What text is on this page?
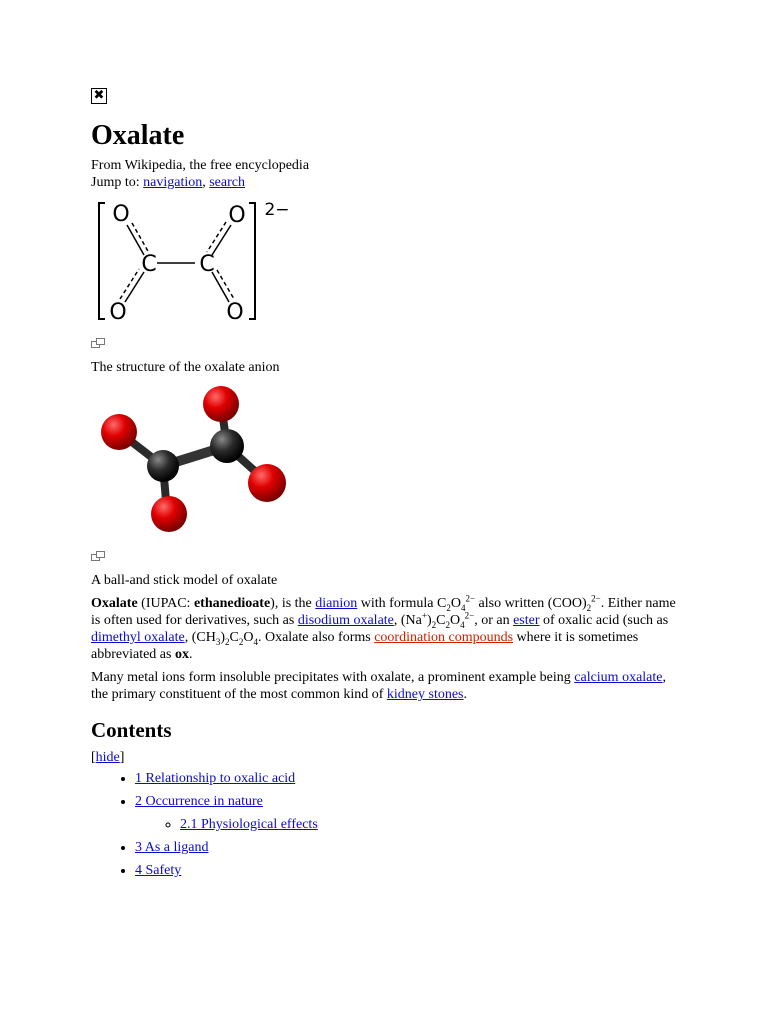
✖
Oxalate
From Wikipedia, the free encyclopedia
Jump to: navigation, search
O	O
C C
O	O
2−
The structure of the oxalate anion
A ball-and stick model of oxalate

Oxalate (IUPAC: ethanedioate), is the dianion with formula $C_2O_4^{2-}$ also written $(COO)_2^{2-}$. Either name is often used for derivatives, such as disodium oxalate, $(Na^+)_2C_2O_4^{2-}$, or an ester of oxalic acid (such as dimethyl oxalate, $(CH_3)_2C_2O_4$. Oxalate also forms coordination compounds where it is sometimes abbreviated as ox.

Many metal ions form insoluble precipitates with oxalate, a prominent example being calcium oxalate, the primary constituent of the most common kind of kidney stones.

Contents
[hide]
• 1 Relationship to oxalic acid
• 2 Occurrence in nature
◦ 2.1 Physiological effects
• 3 As a ligand
• 4 Safety
